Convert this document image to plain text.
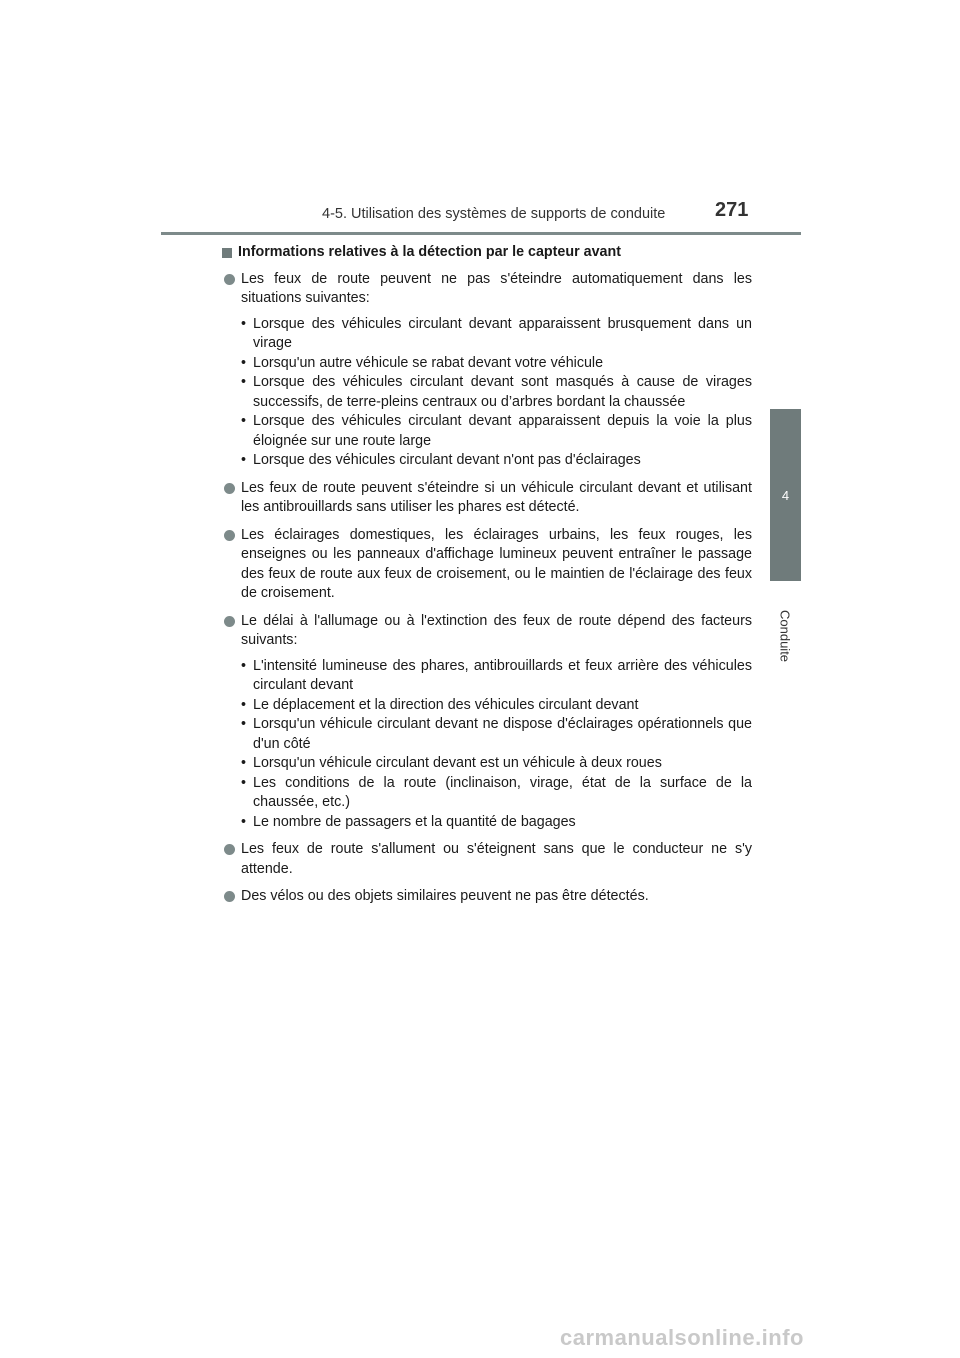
4-5. Utilisation des systèmes de supports de conduite 271
4
Conduite
Informations relatives à la détection par le capteur avant
Les feux de route peuvent ne pas s'éteindre automatiquement dans les situations suivantes:
• Lorsque des véhicules circulant devant apparaissent brusquement dans un virage
• Lorsqu'un autre véhicule se rabat devant votre véhicule
• Lorsque des véhicules circulant devant sont masqués à cause de virages successifs, de terre-pleins centraux ou d’arbres bordant la chaussée
• Lorsque des véhicules circulant devant apparaissent depuis la voie la plus éloignée sur une route large
• Lorsque des véhicules circulant devant n'ont pas d'éclairages
Les feux de route peuvent s'éteindre si un véhicule circulant devant et utilisant les antibrouillards sans utiliser les phares est détecté.
Les éclairages domestiques, les éclairages urbains, les feux rouges, les enseignes ou les panneaux d'affichage lumineux peuvent entraîner le passage des feux de route aux feux de croisement, ou le maintien de l'éclairage des feux de croisement.
Le délai à l'allumage ou à l'extinction des feux de route dépend des facteurs suivants:
• L'intensité lumineuse des phares, antibrouillards et feux arrière des véhicules circulant devant
• Le déplacement et la direction des véhicules circulant devant
• Lorsqu'un véhicule circulant devant ne dispose d'éclairages opérationnels que d'un côté
• Lorsqu'un véhicule circulant devant est un véhicule à deux roues
• Les conditions de la route (inclinaison, virage, état de la surface de la chaussée, etc.)
• Le nombre de passagers et la quantité de bagages
Les feux de route s'allument ou s'éteignent sans que le conducteur ne s'y attende.
Des vélos ou des objets similaires peuvent ne pas être détectés.
carmanualsonline.info
